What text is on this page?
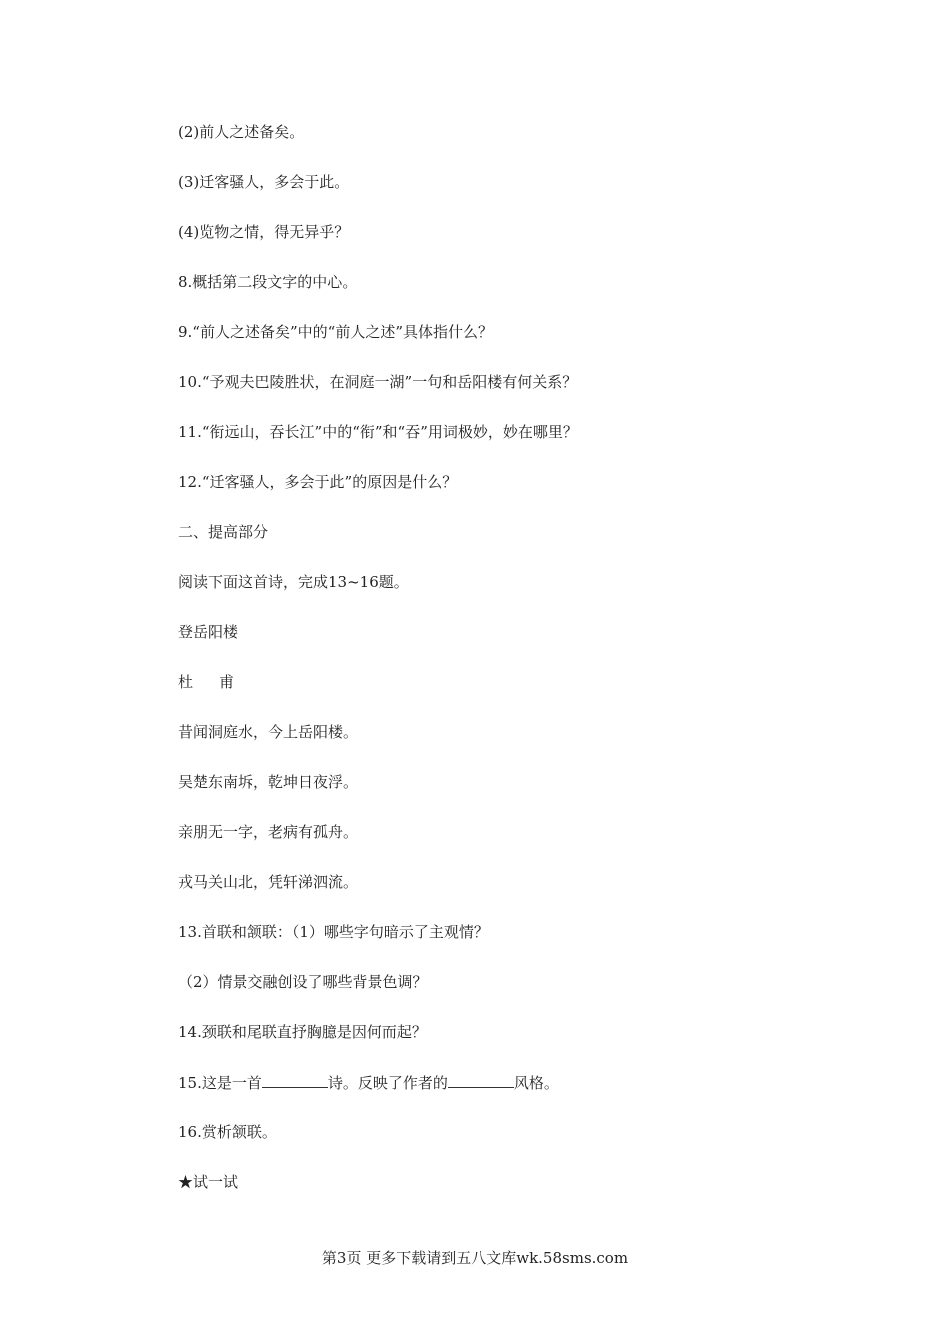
(2)前人之述备矣。
(3)迁客骚人，多会于此。
(4)览物之情，得无异乎？
8.概括第二段文字的中心。
9.“前人之述备矣”中的“前人之述”具体指什么？
10.“予观夫巴陵胜状，在洞庭一湖”一句和岳阳楼有何关系？
11.“衔远山，吞长江”中的“衔”和“吞”用词极妙，妙在哪里？
12.“迁客骚人，多会于此”的原因是什么？
二、提高部分
阅读下面这首诗，完成13~16题。
登岳阳楼
杜 甫
昔闻洞庭水，今上岳阳楼。
吴楚东南坼，乾坤日夜浮。
亲朋无一字，老病有孤舟。
戎马关山北，凭轩涕泗流。
13.首联和颔联：（1）哪些字句暗示了主观情？
（2）情景交融创设了哪些背景色调？
14.颈联和尾联直抒胸臆是因何而起？
15.这是一首	诗。反映了作者的	风格。
16.赏析颔联。
★试一试
第3页 更多下载请到五八文库wk.58sms.com
